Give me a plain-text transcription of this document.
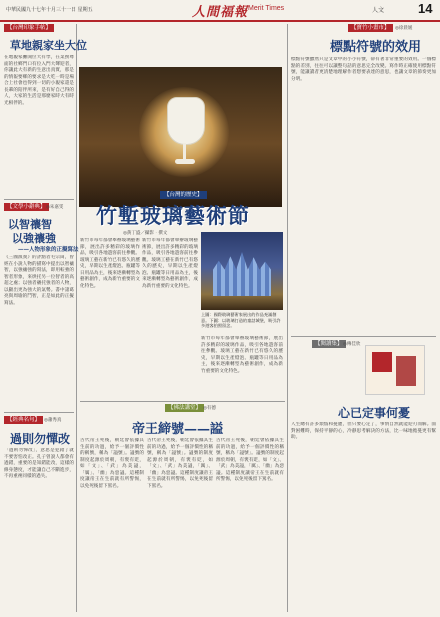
中華民國九十七年十月三十一日 星期五	人間福報 Merit Times	人文	14
【台灣印象手帖】
草地親家坐大位
在地親家攤開位大有學，在業務尊面的社鄉門口有位入門大聲迎者，你讓此大有新的生意出真實，那是的情報要鄉的要求是大吃一時是場合上社會也得到一切的小親家還是長輩的陪伴所來，是有好自己得的人，大家的生活是那麼家時大有時光相伴的。
【文學小辭典】 ◎朱嘉雯
以智禳智
以強禳強
——人物形象的正擬寫法
《三國演義》的評點者毛宗崗，曾經在小說人物的描寫中提出以智禳智，以強禳強的寫法，即用較強的智者形象，來烘托另一位智者的高超之處；以強者襯托強者的人物，以顯出更為強大的氣勢。書中諸葛亮與周瑜的鬥智，正是如此的正擬寫法。
【經典名句】 ◎蕭秀真
過則勿憚改
「過則勿憚改」，意思是犯錯了就不要害怕改正。孔子曾說人都會有過錯，重要的是知錯能改，這樣的修身態度，才能讓自己不斷進步，不再重複同樣的過失。
【台灣的歷史】
竹塹玻璃藝術節
◎黃丁盛／攝影‧撰文
新竹市每年都會舉辦玻璃藝術節，展出許多精彩的玻璃作品，吸引各地遊客前往參觀。玻璃工藝在新竹已有悠久的歷史，早期以生產燈泡、瓶罐等日用品為主，後來逐漸轉型為藝術創作，成為新竹重要的文化特色。
新竹市每年都會舉辦玻璃藝術節，展出許多精彩的玻璃作品，吸引各地遊客前往參觀。玻璃工藝在新竹已有悠久的歷史，早期以生產燈泡、瓶罐等日用品為主，後來逐漸轉型為藝術創作，成為新竹重要的文化特色。
上圖：國際玻璃藝術家展出的作品充滿創意。下圖：以玻璃打造的童話城堡，吸引許多遊客拍照留念。
新竹市每年都會舉辦玻璃藝術節，展出許多精彩的玻璃作品，吸引各地遊客前往參觀。玻璃工藝在新竹已有悠久的歷史，早期以生產燈泡、瓶罐等日用品為主，後來逐漸轉型為藝術創作，成為新竹重要的文化特色。
【佛法講堂】 ◎有德
帝王締號——謚
古代帝王死後，朝廷會依據其生前的功過，給予一個評價性的稱號，稱為「謚號」。謚號的制度起源於周朝，有褒有貶，如「文」、「武」為美謚，「厲」、「幽」為惡謚。這種制度讓帝王在生前就有所警惕，以免死後留下罵名。
古代帝王死後，朝廷會依據其生前的功過，給予一個評價性的稱號，稱為「謚號」。謚號的制度起源於周朝，有褒有貶，如「文」、「武」為美謚，「厲」、「幽」為惡謚。這種制度讓帝王在生前就有所警惕，以免死後留下罵名。
古代帝王死後，朝廷會依據其生前的功過，給予一個評價性的稱號，稱為「謚號」。謚號的制度起源於周朝，有褒有貶，如「文」、「武」為美謚，「厲」、「幽」為惡謚。這種制度讓帝王在生前就有所警惕，以免死後留下罵名。
【寶竹小畫市】	◎徐晨媛
標點符號的效用
標點符號雖然只是文章中的小小符號，卻有著非常重要的效用。一個標點的差別，往往可以讓整句話的意思完全改變。寫作時正確使用標點符號，能讓讀者更清楚地理解作者想要表達的意思，也讓文章的節奏更加分明。
【閱讀集】 ◎傳佳欣
心已定事何憂
人生總有許多煩惱和憂慮，但只要心定了，事情自然就能迎刃而解。面對困難時，保持平靜的心，冷靜思考解決的方法，比一味地擔憂更有幫助。
